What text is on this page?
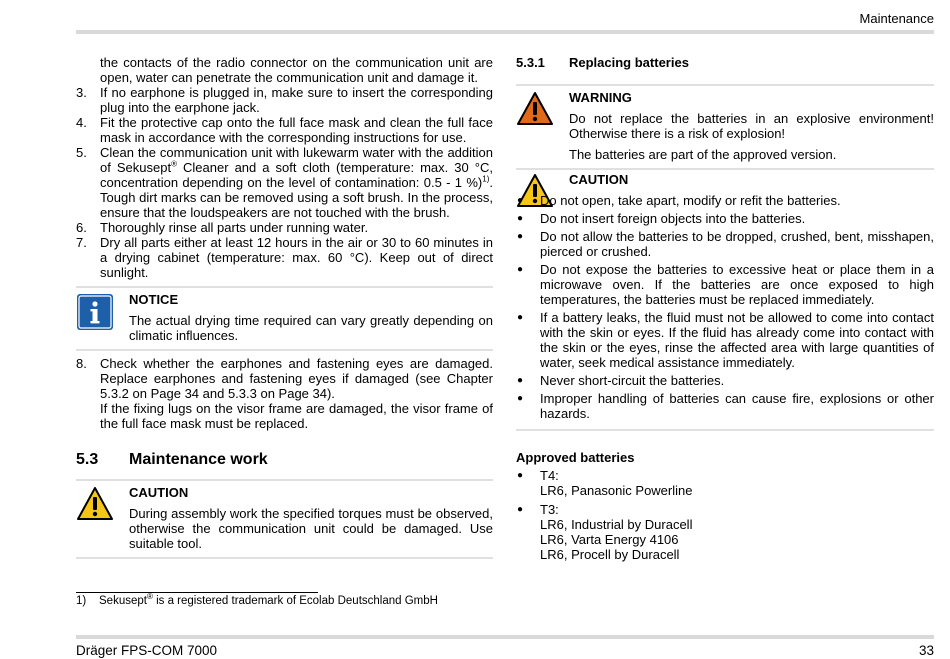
Maintenance
the contacts of the radio connector on the communication unit are open, water can penetrate the communication unit and damage it.
3. If no earphone is plugged in, make sure to insert the corresponding plug into the earphone jack.
4. Fit the protective cap onto the full face mask and clean the full face mask in accordance with the corresponding instructions for use.
5. Clean the communication unit with lukewarm water with the addition of Sekusept® Cleaner and a soft cloth (temperature: max. 30 °C, concentration depending on the level of contamination: 0.5 - 1 %)$^{1)}$. Tough dirt marks can be removed using a soft brush. In the process, ensure that the loudspeakers are not touched with the brush.
6. Thoroughly rinse all parts under running water.
7. Dry all parts either at least 12 hours in the air or 30 to 60 minutes in a drying cabinet (temperature: max. 60 °C). Keep out of direct sunlight.
NOTICE
The actual drying time required can vary greatly depending on climatic influences.
8. Check whether the earphones and fastening eyes are damaged. Replace earphones and fastening eyes if damaged (see Chapter 5.3.2 on Page 34 and 5.3.3 on Page 34).
If the fixing lugs on the visor frame are damaged, the visor frame of the full face mask must be replaced.
5.3 Maintenance work
CAUTION
During assembly work the specified torques must be observed, otherwise the communication unit could be damaged. Use suitable tool.
1) Sekusept® is a registered trademark of Ecolab Deutschland GmbH
5.3.1 Replacing batteries
WARNING
Do not replace the batteries in an explosive environment! Otherwise there is a risk of explosion!
The batteries are part of the approved version.
CAUTION
● Do not open, take apart, modify or refit the batteries.
● Do not insert foreign objects into the batteries.
● Do not allow the batteries to be dropped, crushed, bent, misshapen, pierced or crushed.
● Do not expose the batteries to excessive heat or place them in a microwave oven. If the batteries are once exposed to high temperatures, the batteries must be replaced immediately.
● If a battery leaks, the fluid must not be allowed to come into contact with the skin or eyes. If the fluid has already come into contact with the skin or the eyes, rinse the affected area with large quantities of water, seek medical assistance immediately.
● Never short-circuit the batteries.
● Improper handling of batteries can cause fire, explosions or other hazards.
Approved batteries
● T4:
LR6, Panasonic Powerline
● T3:
LR6, Industrial by Duracell
LR6, Varta Energy 4106
LR6, Procell by Duracell
Dräger FPS-COM 7000	33
